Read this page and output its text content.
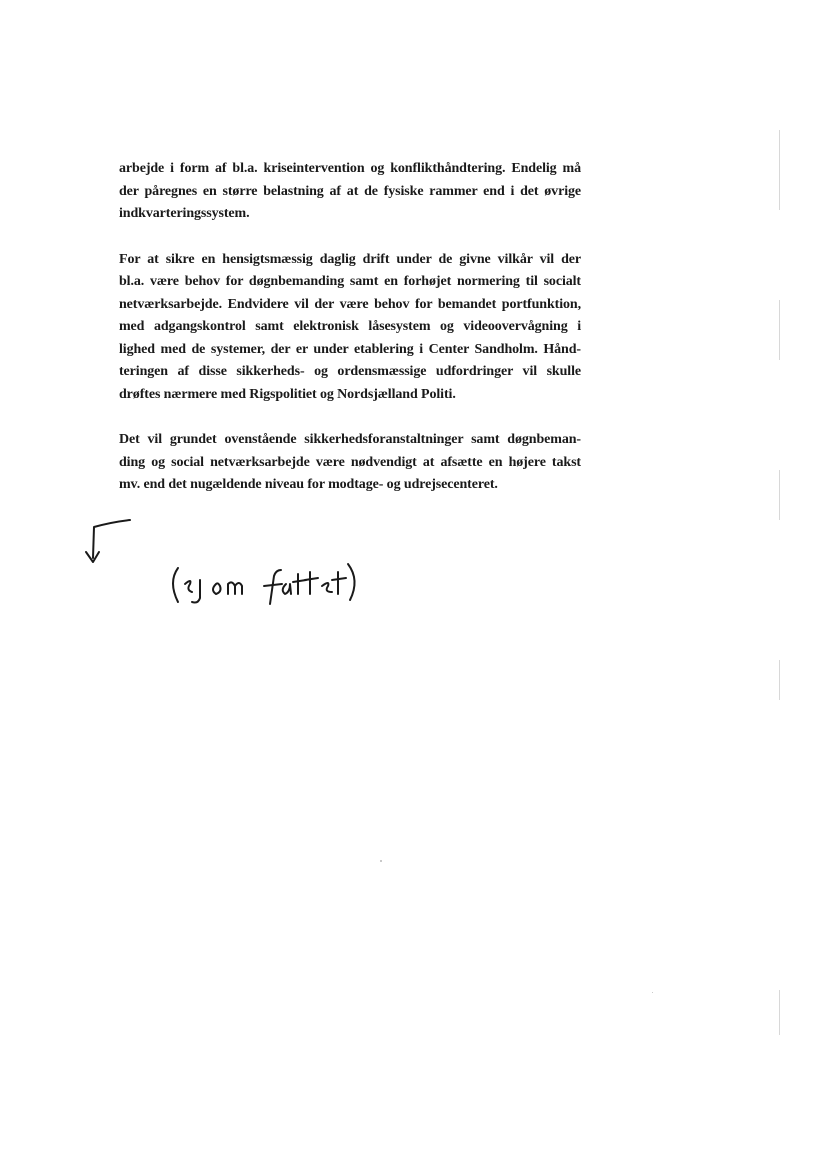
arbejde i form af bl.a. kriseintervention og konflikthåndtering. Endelig må
der påregnes en større belastning af at de fysiske rammer end i det øvrige
indkvarteringssystem.

For at sikre en hensigtsmæssig daglig drift under de givne vilkår vil der
bl.a. være behov for døgnbemanding samt en forhøjet normering til socialt
netværksarbejde. Endvidere vil der være behov for bemandet portfunktion,
med adgangskontrol samt elektronisk låsesystem og videoovervågning i
lighed med de systemer, der er under etablering i Center Sandholm. Hånd-
teringen af disse sikkerheds- og ordensmæssige udfordringer vil skulle
drøftes nærmere med Rigspolitiet og Nordsjælland Politi.

Det vil grundet ovenstående sikkerhedsforanstaltninger samt døgnbeman-
ding og social netværksarbejde være nødvendigt at afsætte en højere takst
mv. end det nugældende niveau for modtage- og udrejsecenteret.
